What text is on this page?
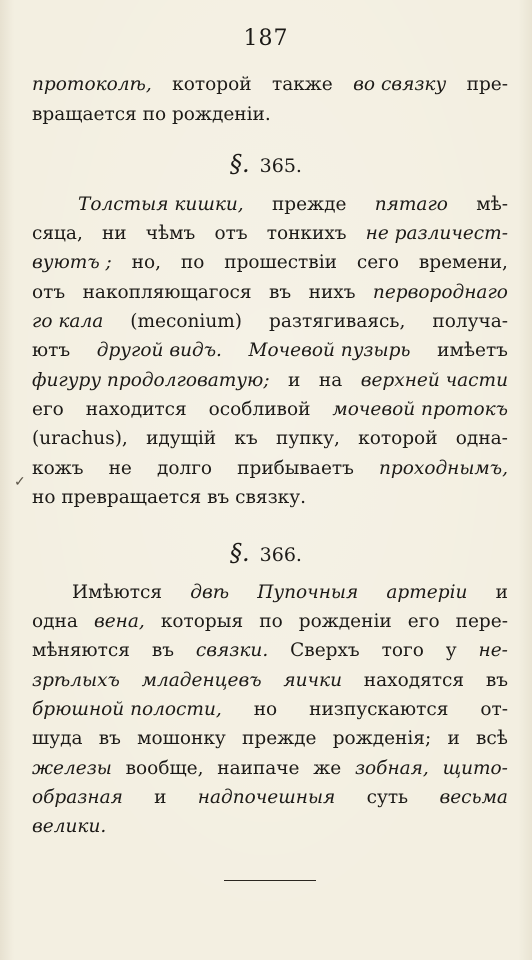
187
протоколѣ, которой также во связку пре-
вращается по рожденіи.
§. 365.
Толстыя кишки, прежде пятаго мѣ-
сяца, ни чѣмъ отъ тонкихъ не различест-
вуютъ ; но, по прошествіи сего времени,
отъ накопляющагося въ нихъ первороднаго
го кала (meconium) разтягиваясь, получа-
ютъ другой видъ. Мочевой пузырь имѣетъ
фигуру продолговатую; и на верхней части
его находится особливой мочевой протокъ
(urachus), идущій къ пупку, которой одна-
кожъ не долго прибываетъ проходнымъ,
но превращается въ связку.
✓
§. 366.
Имѣются двѣ Пупочныя артеріи и
одна вена, которыя по рожденіи его пере-
мѣняются въ связки. Сверхъ того у не-
зрѣлыхъ младенцевъ яички находятся въ
брюшной полости, но низпускаются от-
шуда въ мошонку прежде рожденія; и всѣ
железы вообще, наипаче же зобная, щито-
образная и надпочешныя суть весьма
велики.
